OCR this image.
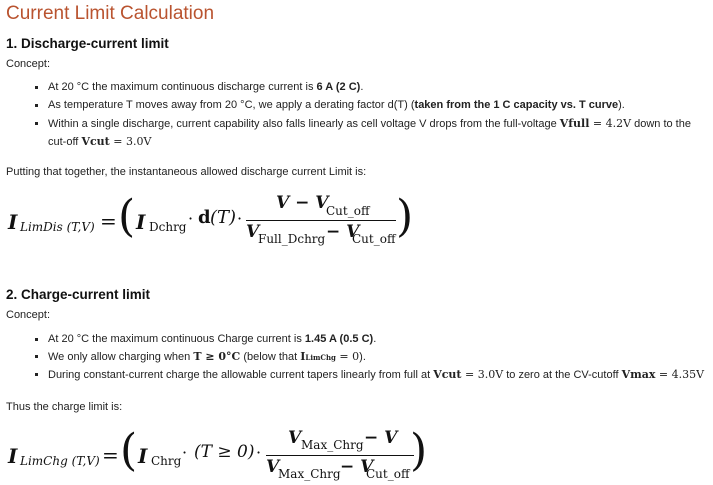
Current Limit Calculation
1. Discharge-current limit
Concept:
At 20 °C the maximum continuous discharge current is 6 A (2 C).
As temperature T moves away from 20 °C, we apply a derating factor d(T) (taken from the 1 C capacity vs. T curve).
Within a single discharge, current capability also falls linearly as cell voltage V drops from the full-voltage Vfull = 4.2V down to the cut-off Vcut = 3.0V
Putting that together, the instantaneous allowed discharge current Limit is:
I LimDis (T,V) = ( I Dchrg · d (T) ·
V − V
Cut_off
V
Full_Dchrg − V
Cut_off )
2. Charge-current limit
Concept:
At 20 °C the maximum continuous Charge current is 1.45 A (0.5 C).
We only allow charging when T ≥ 0°C (below that ILimChg = 0).
During constant-current charge the allowable current tapers linearly from full at Vcut = 3.0V to zero at the CV-cutoff Vmax = 4.35V
Thus the charge limit is:
I LimChg (T,V) = ( I Chrg · (T ≥ 0) ·
V Max_Chrg − V
V
Max_Chrg − V
Cut_off )
